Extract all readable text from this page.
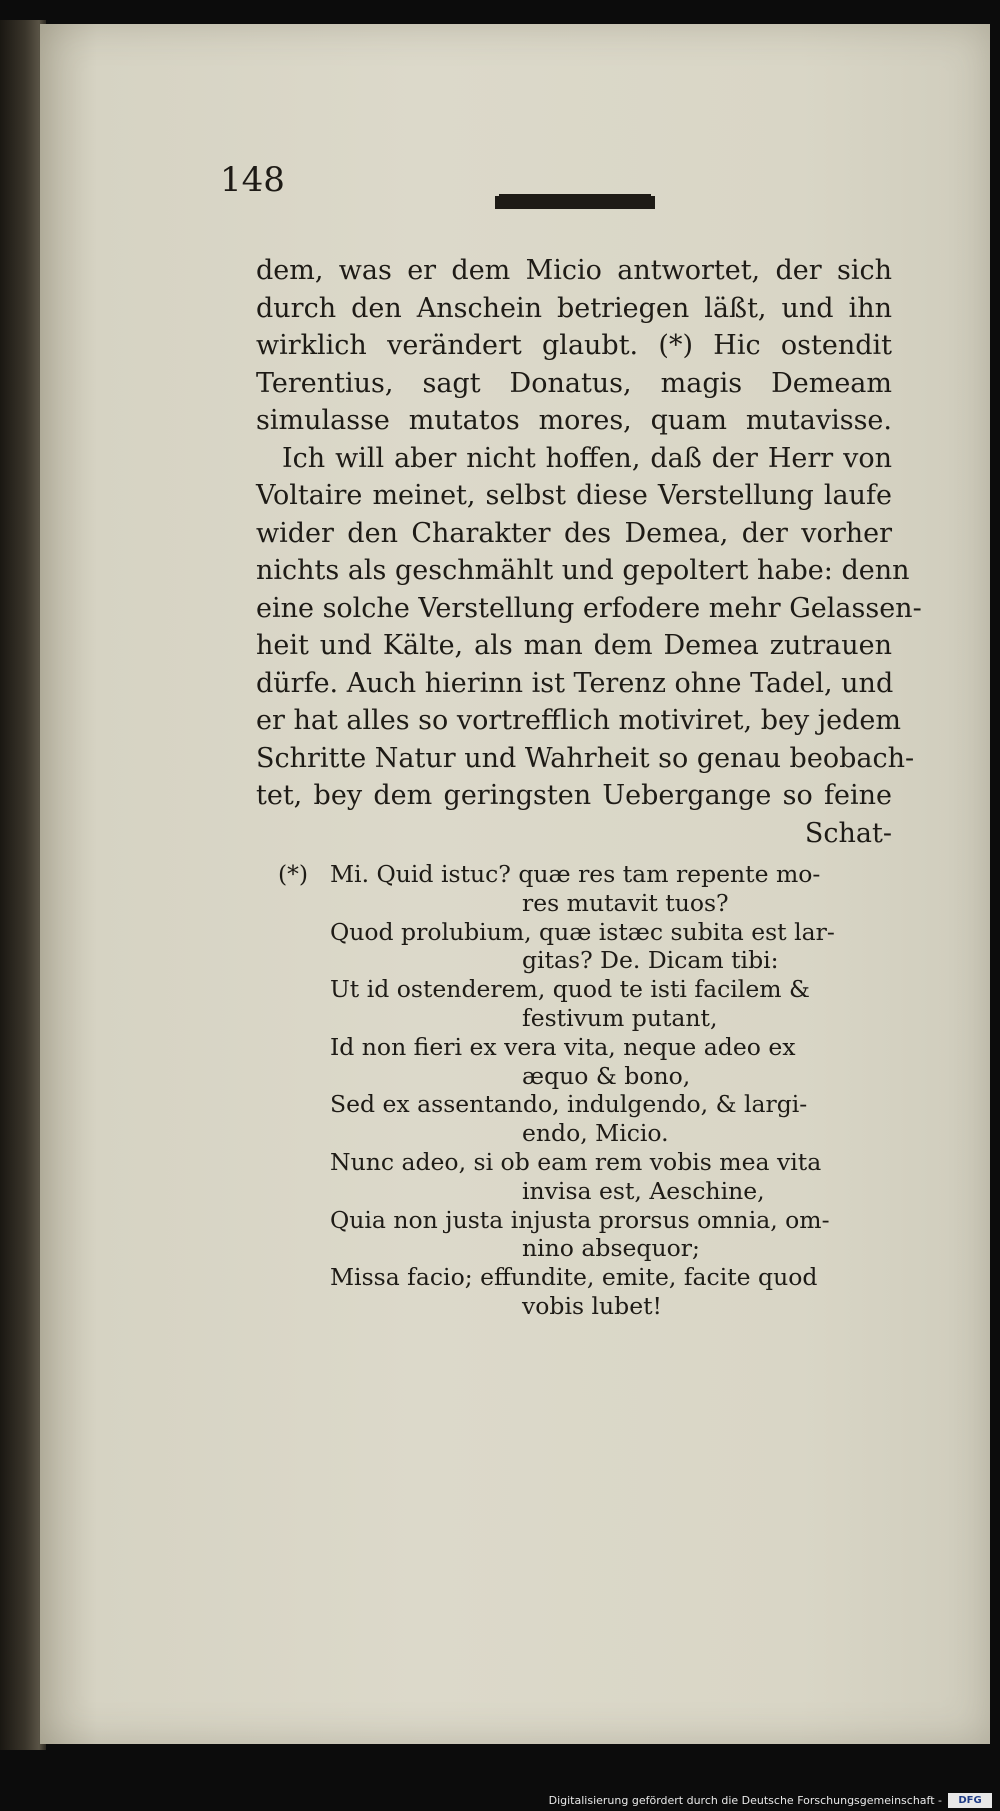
148
dem, was er dem Micio antwortet, der sich
durch den Anschein betriegen läßt, und ihn
wirklich verändert glaubt. (*) Hic ostendit
Terentius, sagt Donatus, magis Demeam
simulasse mutatos mores, quam mutavisse.
Ich will aber nicht hoffen, daß der Herr von
Voltaire meinet, selbst diese Verstellung laufe
wider den Charakter des Demea, der vorher
nichts als geschmählt und gepoltert habe: denn
eine solche Verstellung erfodere mehr Gelassen-
heit und Kälte, als man dem Demea zutrauen
dürfe. Auch hierinn ist Terenz ohne Tadel, und
er hat alles so vortrefflich motiviret, bey jedem
Schritte Natur und Wahrheit so genau beobach-
tet, bey dem geringsten Uebergange so feine
Schat-
(*) Mi. Quid istuc? quæ res tam repente mo-
res mutavit tuos?
Quod prolubium, quæ istæc subita est lar-
gitas? De. Dicam tibi:
Ut id ostenderem, quod te isti facilem &
festivum putant,
Id non fieri ex vera vita, neque adeo ex
æquo & bono,
Sed ex assentando, indulgendo, & largi-
endo, Micio.
Nunc adeo, si ob eam rem vobis mea vita
invisa est, Aeschine,
Quia non justa injusta prorsus omnia, om-
nino absequor;
Missa facio; effundite, emite, facite quod
vobis lubet!
Digitalisierung gefördert durch die Deutsche Forschungsgemeinschaft -	DFG
